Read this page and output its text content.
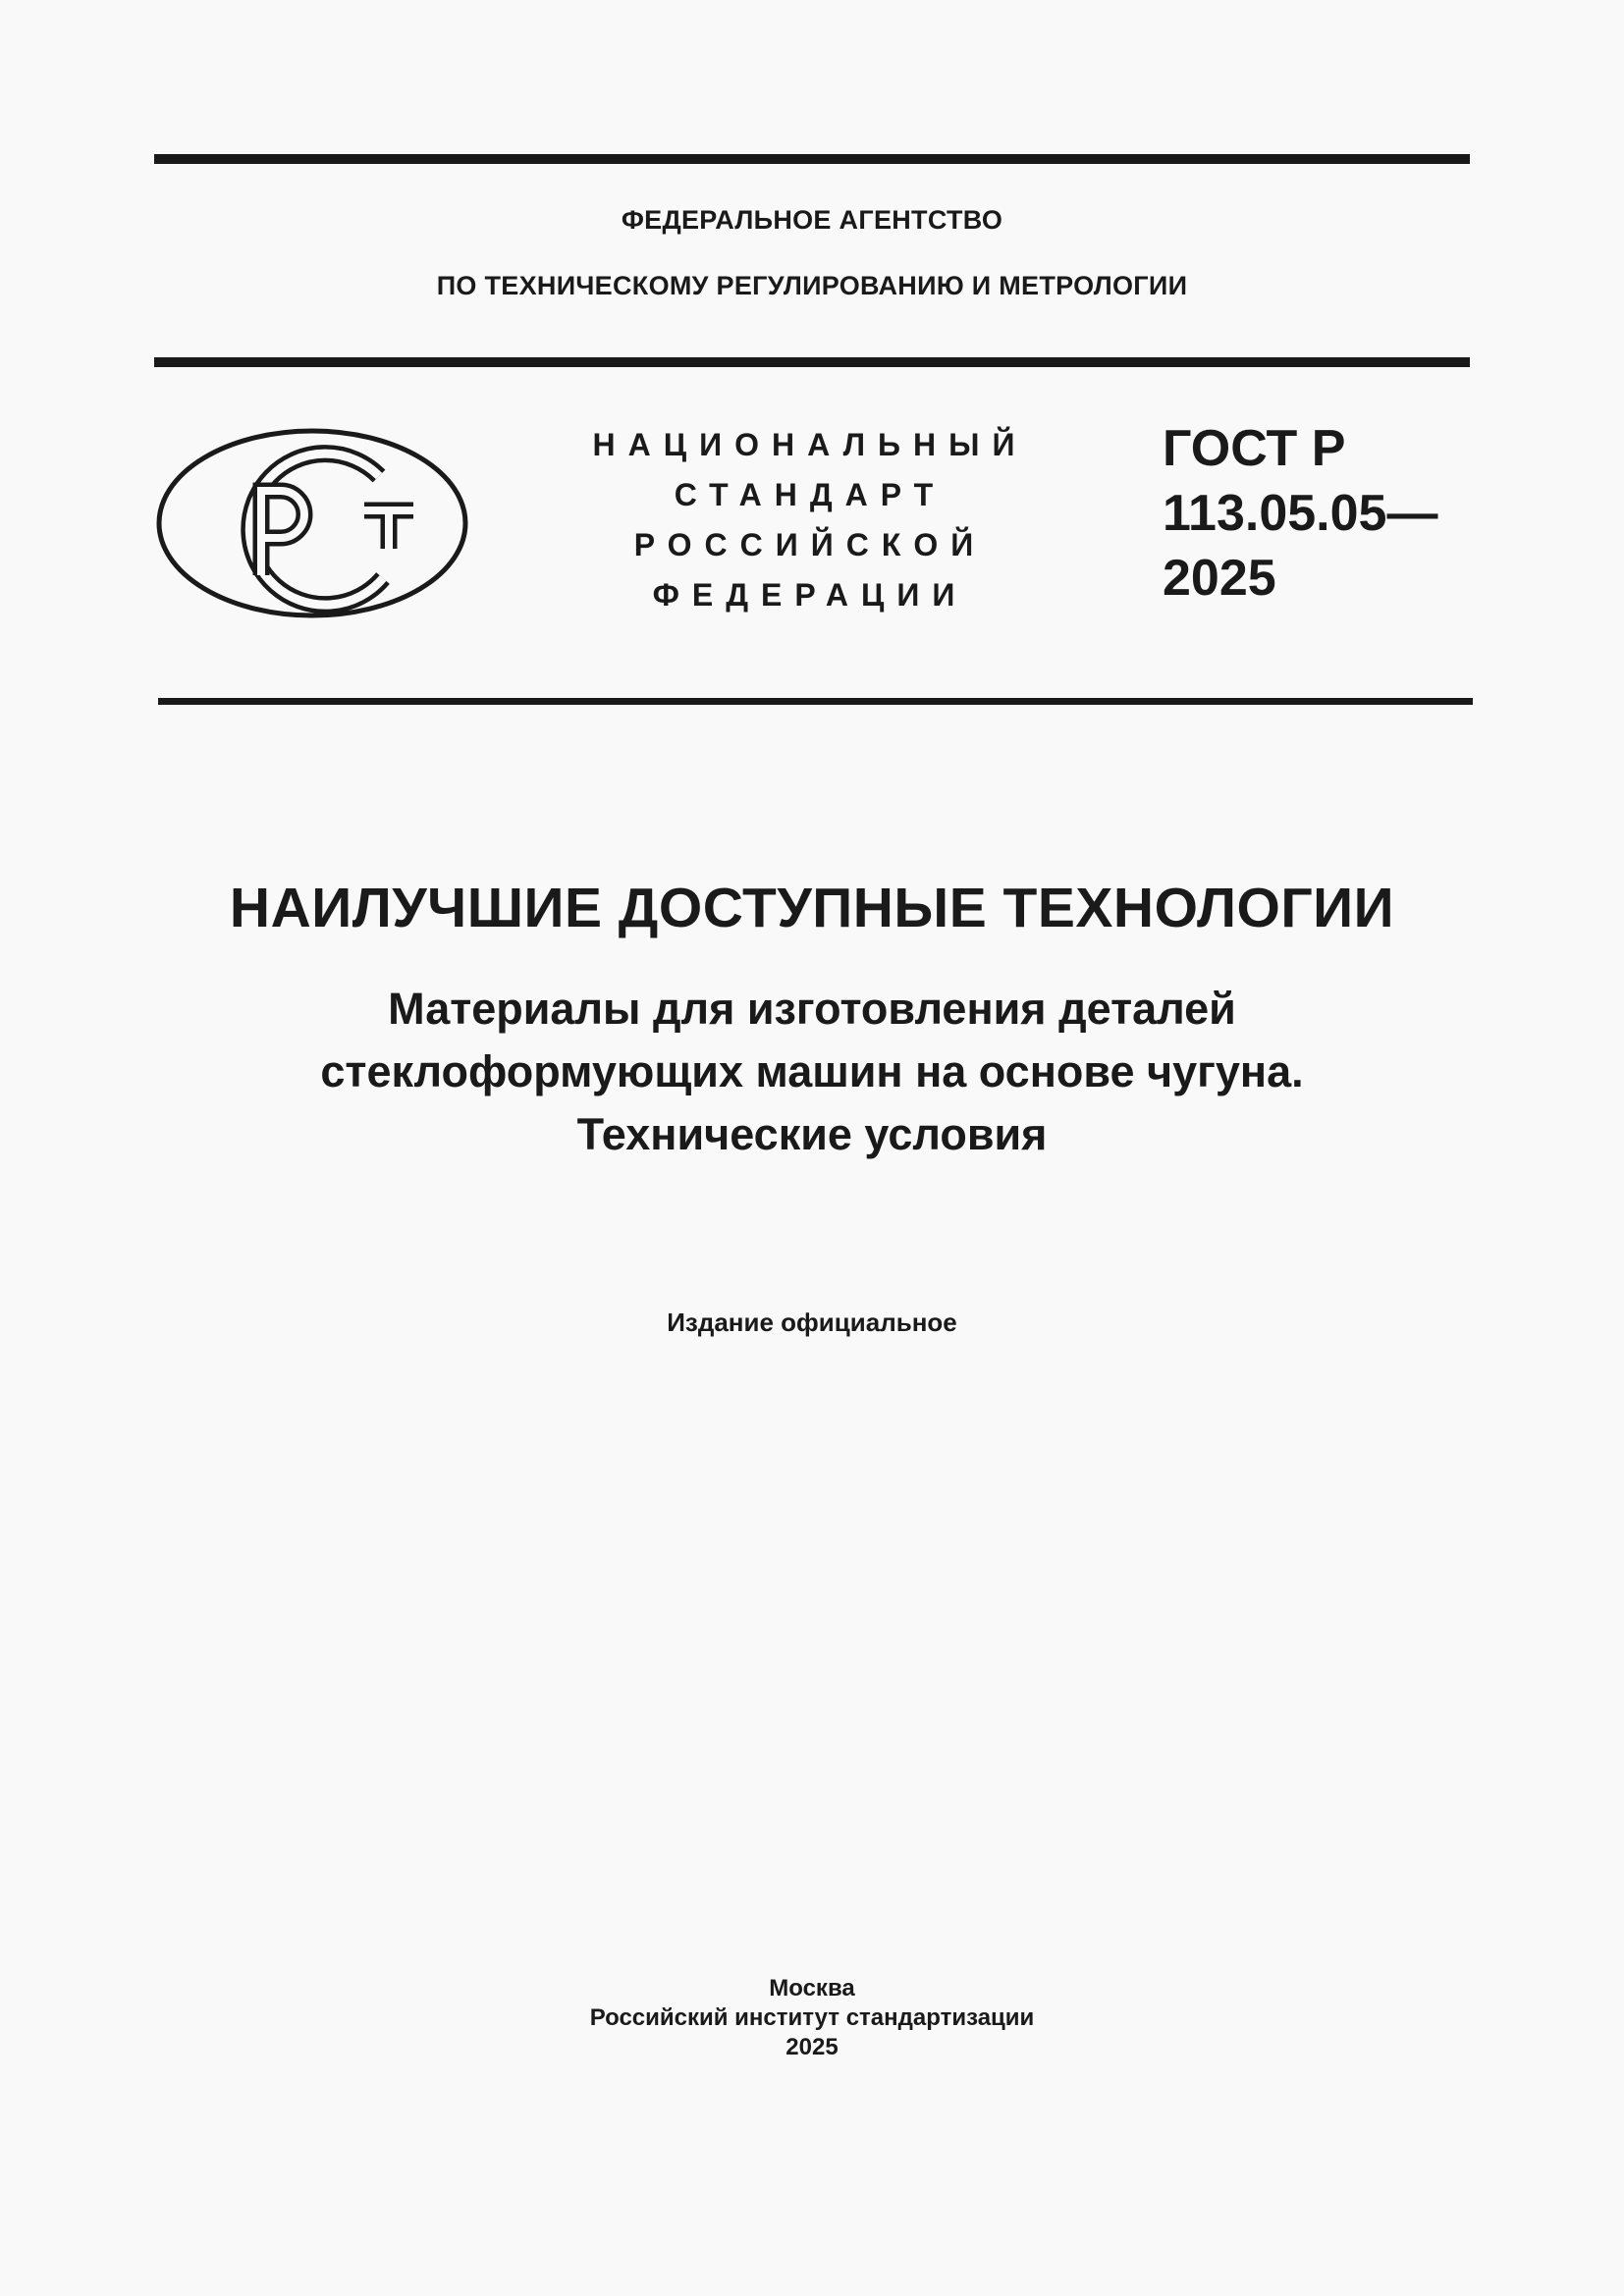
ФЕДЕРАЛЬНОЕ АГЕНТСТВО
ПО ТЕХНИЧЕСКОМУ РЕГУЛИРОВАНИЮ И МЕТРОЛОГИИ
НАЦИОНАЛЬНЫЙ
СТАНДАРТ
РОССИЙСКОЙ
ФЕДЕРАЦИИ
ГОСТ Р
113.05.05—
2025
НАИЛУЧШИЕ ДОСТУПНЫЕ ТЕХНОЛОГИИ
Материалы для изготовления деталей
стеклоформующих машин на основе чугуна.
Технические условия
Издание официальное
Москва
Российский институт стандартизации
2025
